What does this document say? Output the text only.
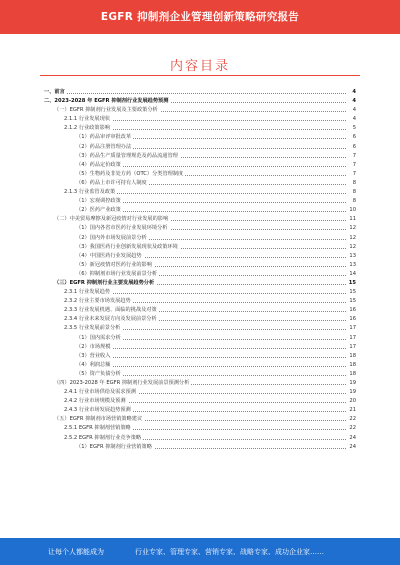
EGFR 抑制剂企业管理创新策略研究报告
内容目录
一、前言	4
二、2023-2028 年 EGFR 抑制剂行业发展趋势预测	4
（一）EGFR 抑制剂行业发展及主要政策分析	4
2.1.1 行业发展现状	4
2.1.2 行业政策影响	5
（1）药品审评审批改革	6
（2）药品注册管理办法	6
（3）药品生产质量管理规范及药品流通管理	7
（4）药品定价政策	7
（5）生物药及非处方药（OTC）分类管理制度	7
（6）药品上市许可持有人制度	8
2.1.3 行业监管及政策	8
（1）宏观调控政策	8
（2）医药产业政策	10
（二）中美贸易摩擦及新冠疫情对行业发展的影响	11
（1）国内各省市医药行业发展环境分析	12
（2）国内外市场发展前景分析	12
（3）我国医药行业创新发展现状及政策环境	12
（4）中国医药行业发展趋势	13
（5）新冠疫情对医药行业的影响	13
（6）抑制剂市场行业发展前景分析	14
（三）EGFR 抑制剂行业主要发展趋势分析	15
2.3.1 行业发展趋势	15
2.3.2 行业主要市场发展趋势	15
2.3.3 行业发展机遇、面临的挑战及对策	16
2.3.4 行业未来发展方向及发展前景分析	16
2.3.5 行业发展前景分析	17
（1）国内需求分析	17
（2）市场规模	17
（3）营业收入	18
（4）利润总额	18
（5）资产负债分析	18
（四）2023-2028 年 EGFR 抑制剂行业发展前景预测分析	19
2.4.1 行业市场供给及需求预测	19
2.4.2 行业市场规模及预测	20
2.4.3 行业市场发展趋势预测	21
（五）EGFR 抑制剂市场营销策略建议	22
2.5.1 EGFR 抑制剂营销策略	22
2.5.2 EGFR 抑制剂行业竞争策略	24
（1）EGFR 抑制剂行业营销策略	24
让每个人都能成为	行业专家、管理专家、营销专家、战略专家、成功企业家……
